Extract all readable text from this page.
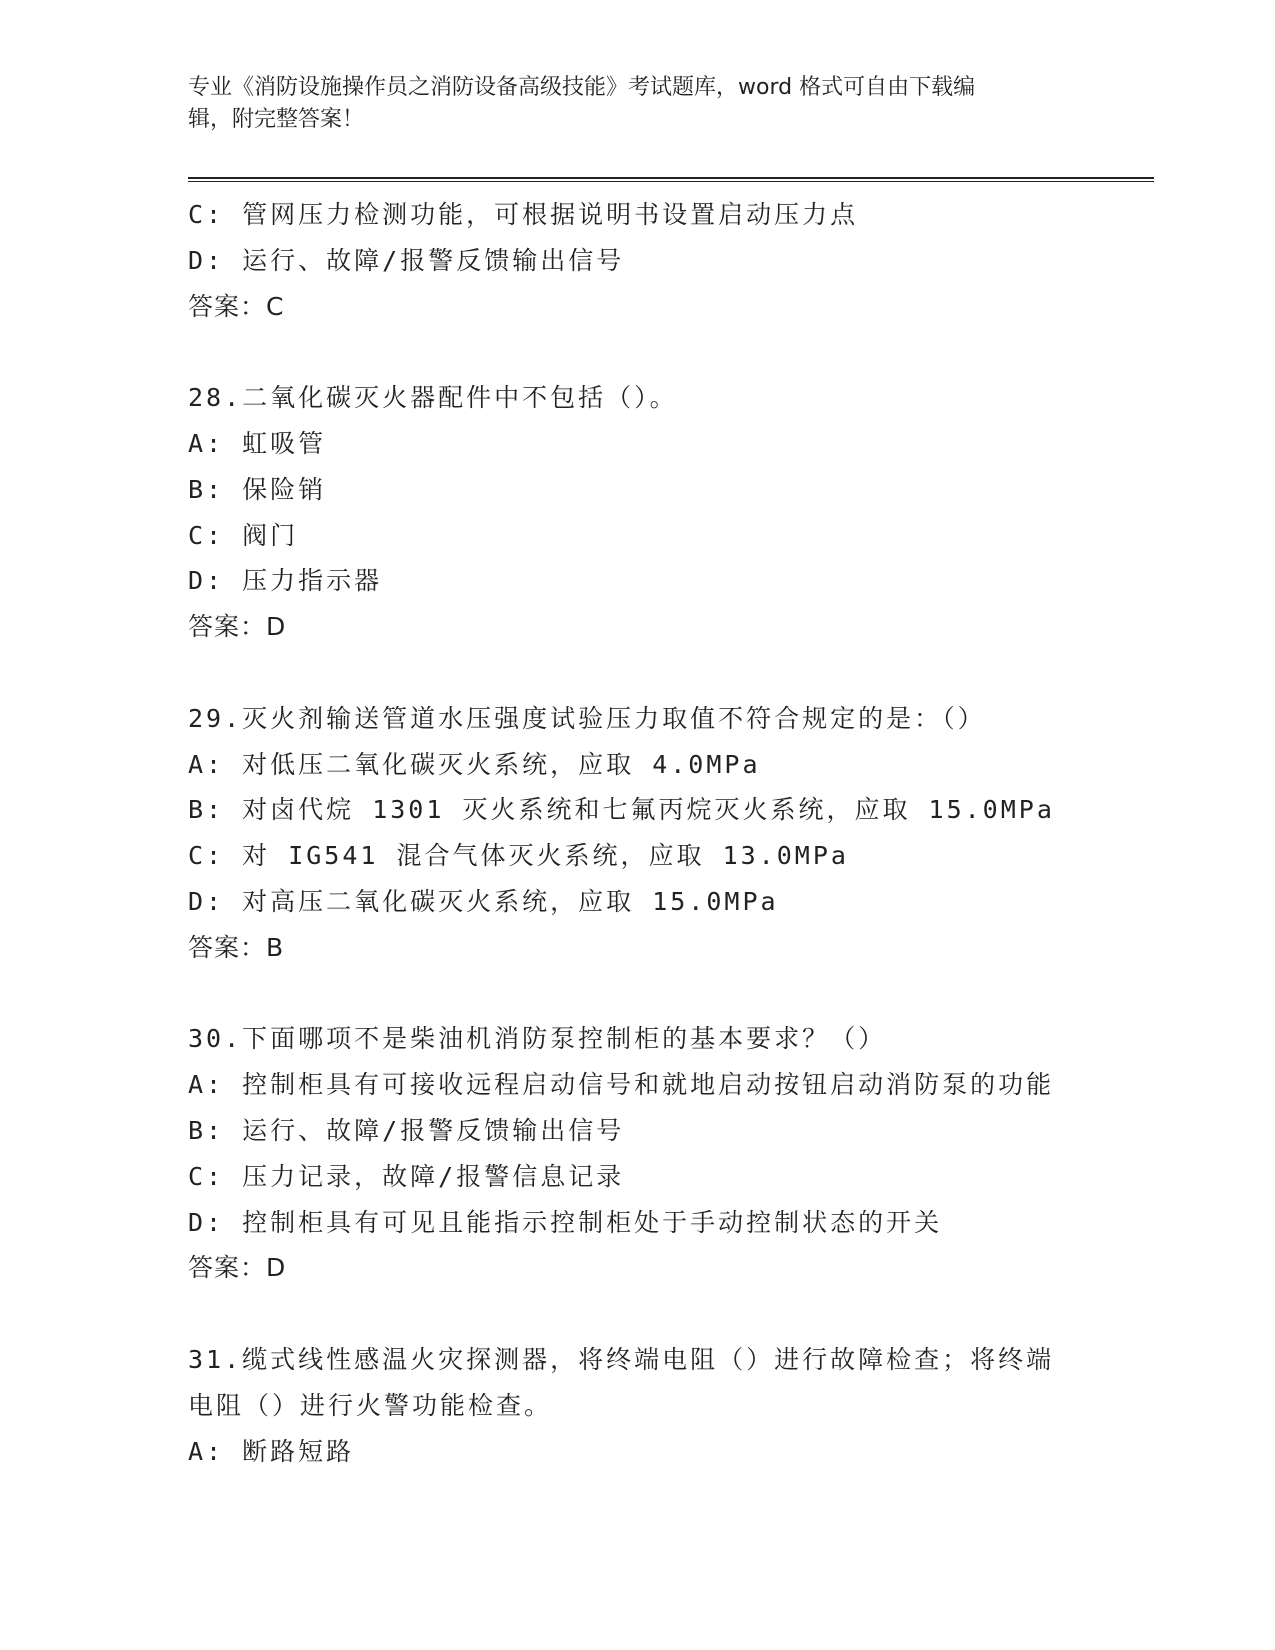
专业《消防设施操作员之消防设备高级技能》考试题库，word 格式可自由下载编
辑，附完整答案！
C: 管网压力检测功能，可根据说明书设置启动压力点
D: 运行、故障/报警反馈输出信号
答案：C
28.二氧化碳灭火器配件中不包括（）。
A: 虹吸管
B: 保险销
C: 阀门
D: 压力指示器
答案：D
29.灭火剂输送管道水压强度试验压力取值不符合规定的是：（）
A: 对低压二氧化碳灭火系统，应取 4.0MPa
B: 对卤代烷 1301 灭火系统和七氟丙烷灭火系统，应取 15.0MPa
C: 对 IG541 混合气体灭火系统，应取 13.0MPa
D: 对高压二氧化碳灭火系统，应取 15.0MPa
答案：B
30.下面哪项不是柴油机消防泵控制柜的基本要求？（）
A: 控制柜具有可接收远程启动信号和就地启动按钮启动消防泵的功能
B: 运行、故障/报警反馈输出信号
C: 压力记录，故障/报警信息记录
D: 控制柜具有可见且能指示控制柜处于手动控制状态的开关
答案：D
31.缆式线性感温火灾探测器，将终端电阻（）进行故障检查；将终端
电阻（）进行火警功能检查。
A: 断路短路
